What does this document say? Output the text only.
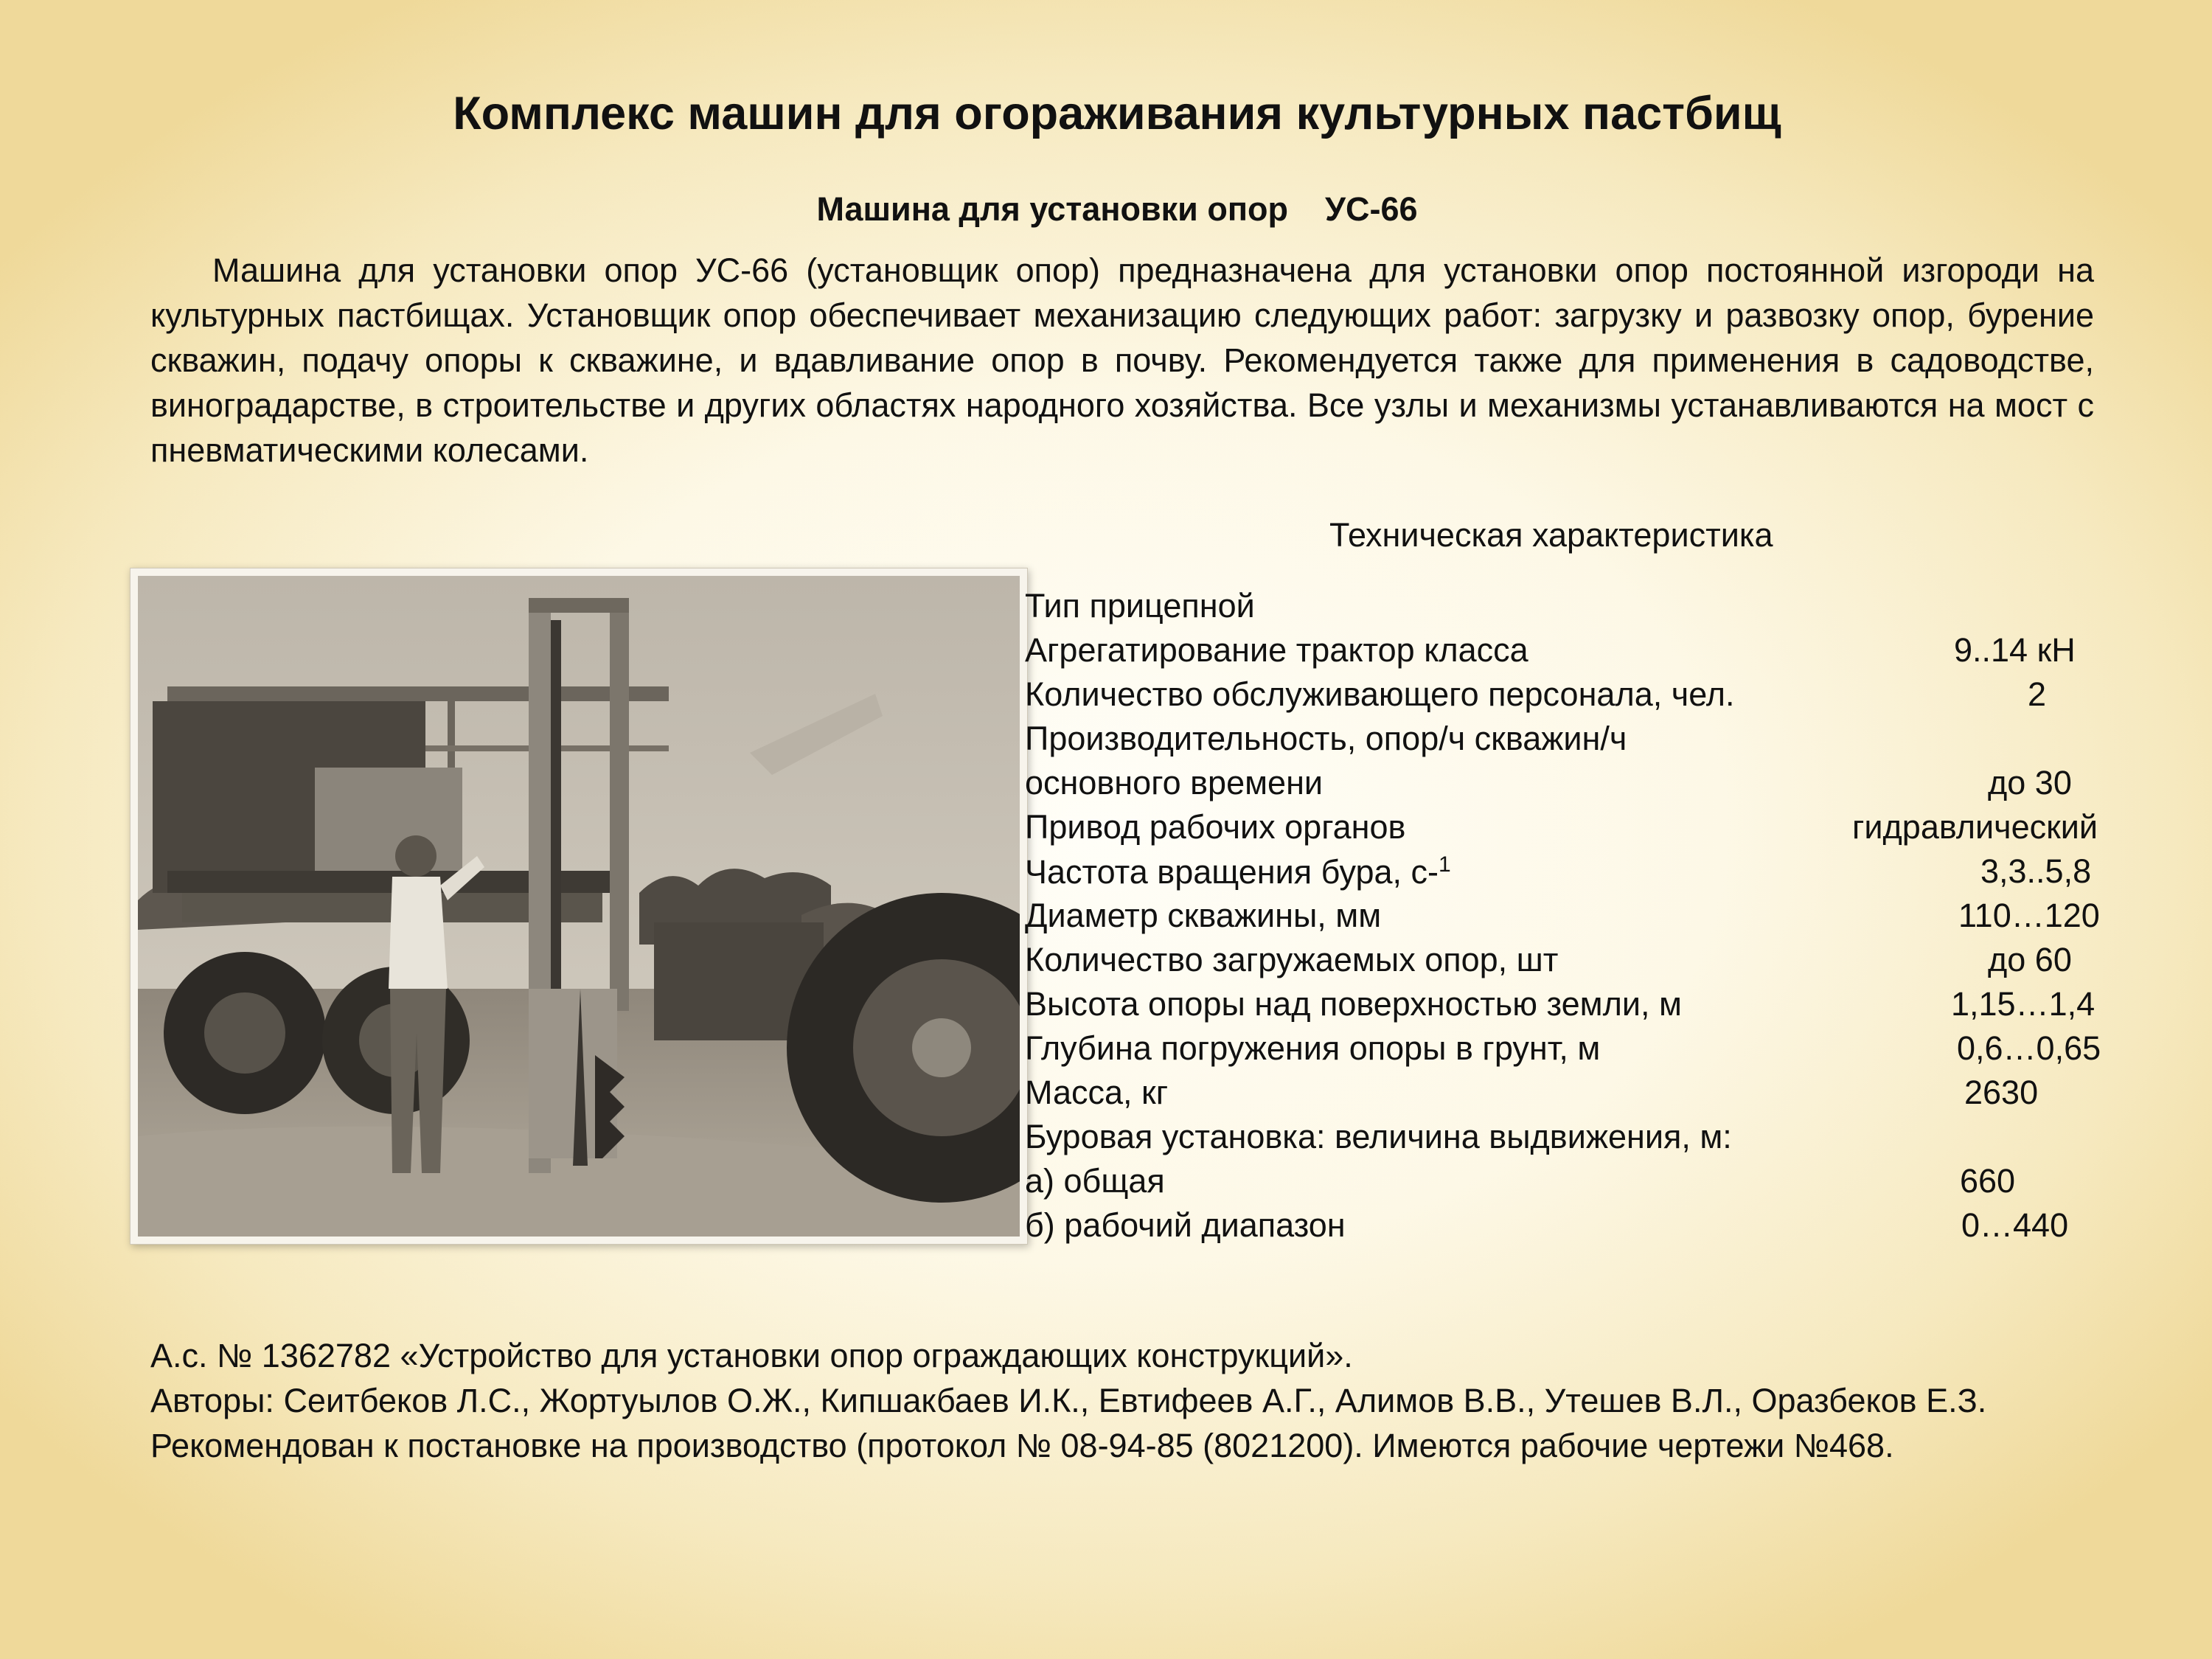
Комплекс машин для огораживания культурных пастбищ
Машина для установки опор    УС-66
Машина для установки опор УС-66 (установщик опор) предназначена для установки опор постоянной изгороди на культурных пастбищах. Установщик опор обеспечивает механизацию следующих работ: загрузку и развозку опор, бурение скважин, подачу опоры к скважине, и вдавливание опор в почву. Рекомендуется также для применения в садоводстве, виноградарстве, в строительстве и других областях народного хозяйства. Все узлы и механизмы устанавливаются на мост с пневматическими колесами.
Техническая характеристика
Тип прицепной
Агрегатирование трактор класса	9..14 кН
Количество обслуживающего персонала, чел.	2
Производительность, опор/ч скважин/ч
основного времени	до 30
Привод рабочих органов	гидравлический
Частота вращения бура, с-$^1$	3,3..5,8
Диаметр скважины, мм	110…120
Количество загружаемых опор, шт	до 60
Высота опоры над поверхностью земли, м	1,15…1,4
Глубина погружения опоры в грунт, м	0,6…0,65
Масса, кг	2630
Буровая установка: величина выдвижения, м:
а) общая	660
б) рабочий диапазон	0…440

А.с. № 1362782 «Устройство для установки опор ограждающих конструкций».

Авторы: Сеитбеков Л.С., Жортуылов О.Ж., Кипшакбаев И.К., Евтифеев А.Г., Алимов В.В., Утешев В.Л., Оразбеков Е.З.

Рекомендован к постановке на производство (протокол № 08-94-85 (8021200). Имеются рабочие чертежи №468.
